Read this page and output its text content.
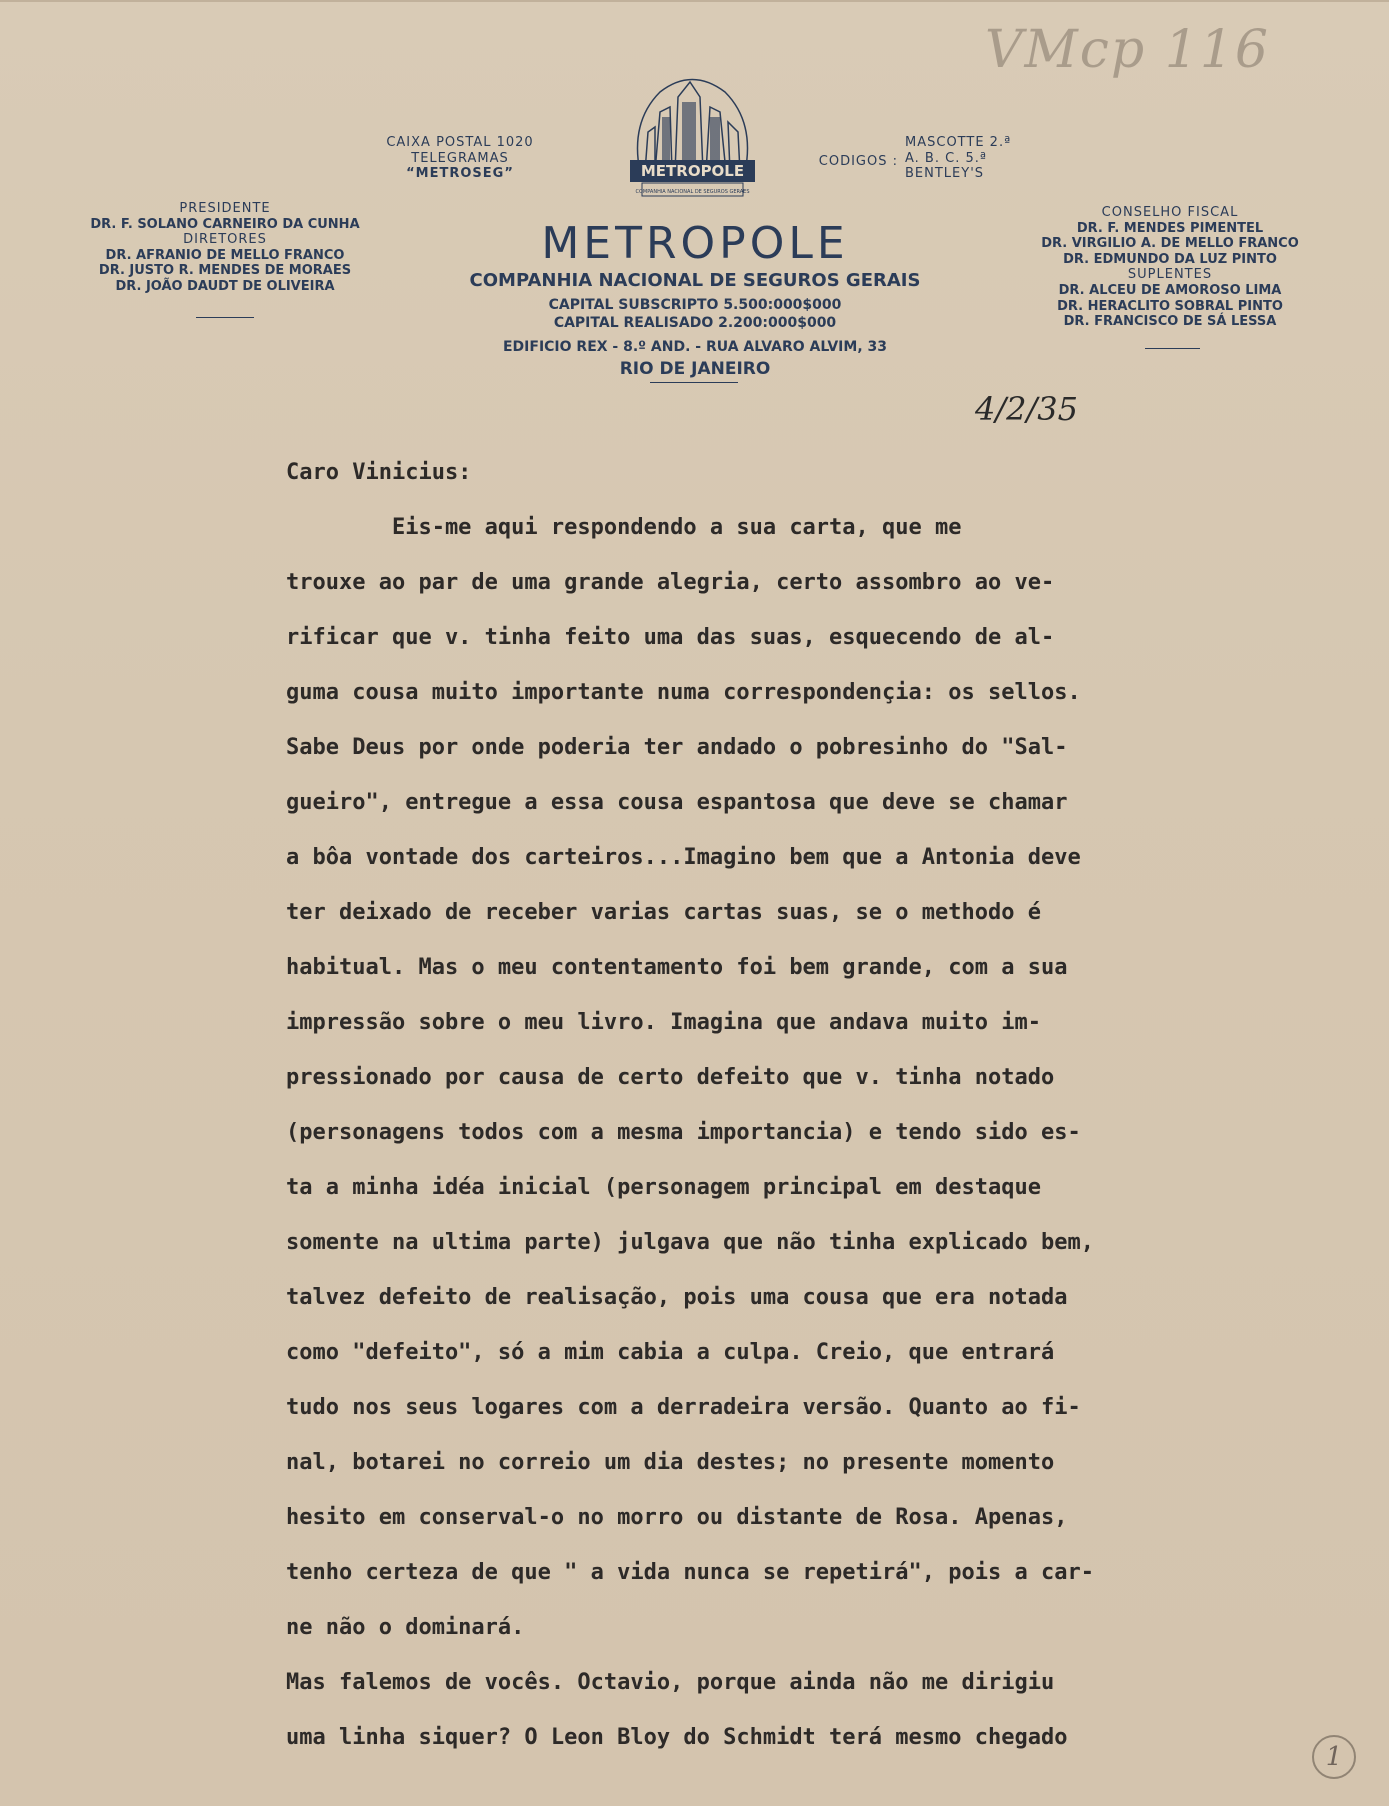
VMcp 116
CAIXA POSTAL 1020
TELEGRAMAS
“METROSEG”	METROPOLE
COMPANHIA NACIONAL DE SEGUROS GERAES
CODIGOS :
MASCOTTE 2.ª
A. B. C. 5.ª
BENTLEY'S
PRESIDENTE
DR. F. SOLANO CARNEIRO DA CUNHA
DIRETORES
DR. AFRANIO DE MELLO FRANCO
DR. JUSTO R. MENDES DE MORAES
DR. JOÃO DAUDT DE OLIVEIRA
CONSELHO FISCAL
DR. F. MENDES PIMENTEL
DR. VIRGILIO A. DE MELLO FRANCO
DR. EDMUNDO DA LUZ PINTO
SUPLENTES
DR. ALCEU DE AMOROSO LIMA
DR. HERACLITO SOBRAL PINTO
DR. FRANCISCO DE SÁ LESSA
METROPOLE
COMPANHIA NACIONAL DE SEGUROS GERAIS
CAPITAL SUBSCRIPTO 5.500:000$000
CAPITAL REALISADO 2.200:000$000
EDIFICIO REX - 8.º AND. - RUA ALVARO ALVIM, 33
RIO DE JANEIRO
4/2/35
Caro Vinicius:
Eis-me aqui respondendo a sua carta, que me
trouxe ao par de uma grande alegria, certo assombro ao ve-
rificar que v. tinha feito uma das suas, esquecendo de al-
guma cousa muito importante numa correspondençia: os sellos.
Sabe Deus por onde poderia ter andado o pobresinho do "Sal-
gueiro", entregue a essa cousa espantosa que deve se chamar
a bôa vontade dos carteiros...Imagino bem que a Antonia deve
ter deixado de receber varias cartas suas, se o methodo é
habitual. Mas o meu contentamento foi bem grande, com a sua
impressão sobre o meu livro. Imagina que andava muito im-
pressionado por causa de certo defeito que v. tinha notado
(personagens todos com a mesma importancia) e tendo sido es-
ta a minha idéa inicial (personagem principal em destaque
somente na ultima parte) julgava que não tinha explicado bem,
talvez defeito de realisação, pois uma cousa que era notada
como "defeito", só a mim cabia a culpa. Creio, que entrará
tudo nos seus logares com a derradeira versão. Quanto ao fi-
nal, botarei no correio um dia destes; no presente momento
hesito em conserval-o no morro ou distante de Rosa. Apenas,
tenho certeza de que " a vida nunca se repetirá", pois a car-
ne não o dominará.
Mas falemos de vocês. Octavio, porque ainda não me dirigiu
uma linha siquer? O Leon Bloy do Schmidt terá mesmo chegado
1
